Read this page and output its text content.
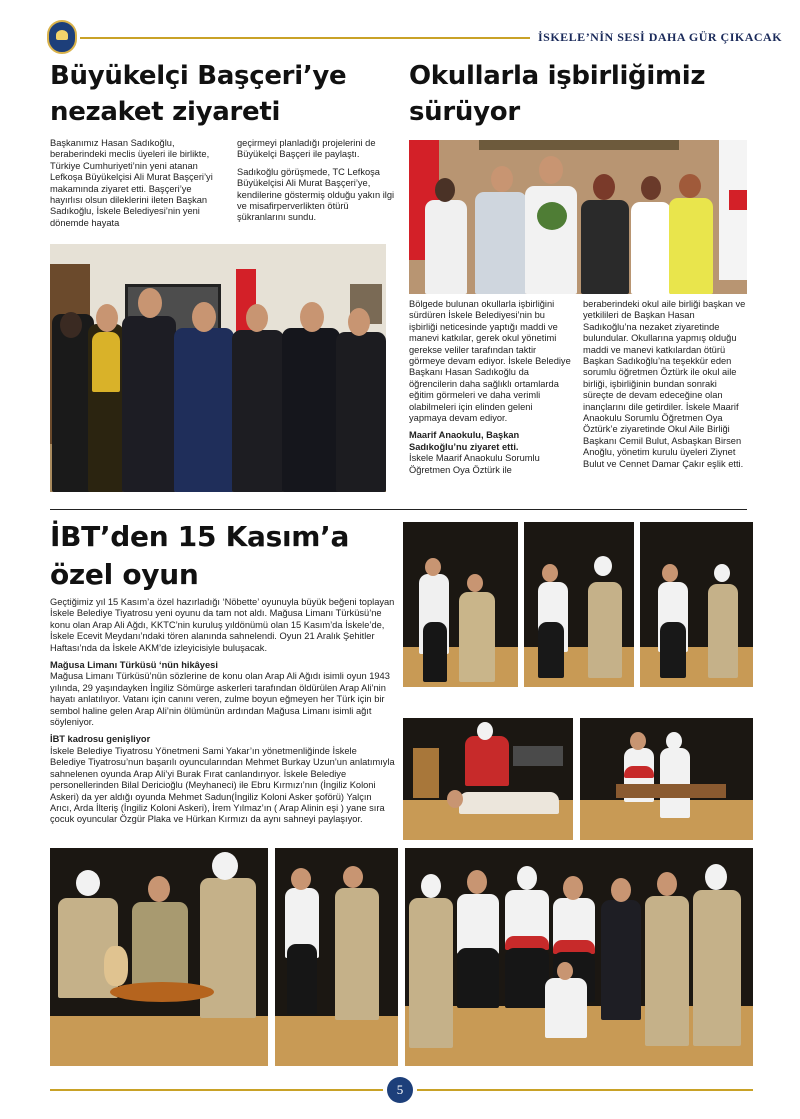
İSKELE’NİN SESİ DAHA GÜR ÇIKACAK
Büyükelçi Başçeri’ye
nezaket ziyareti

Başkanımız Hasan Sadıkoğlu, beraberindeki meclis üyeleri ile birlikte, Türkiye Cumhuriyeti’nin yeni atanan Lefkoşa Büyükelçisi Ali Murat Başçeri’yi makamında ziyaret etti. Başçeri’ye hayırlısı olsun dileklerini ileten Başkan Sadıkoğlu, İskele Belediyesi’nin yeni dönemde hayata

geçirmeyi planladığı projelerini de Büyükelçi Başçeri ile paylaştı.

Sadıkoğlu görüşmede, TC Lefkoşa Büyükelçisi Ali Murat Başçeri’ye, kendilerine göstermiş olduğu yakın ilgi ve misafirperverlikten ötürü şükranlarını sundu.

Okullarla işbirliğimiz
sürüyor

Bölgede bulunan okullarla işbirliğini sürdüren İskele Belediyesi’nin bu işbirliği neticesinde yaptığı maddi ve manevi katkılar, gerek okul yönetimi gerekse veliler tarafından taktir görmeye devam ediyor. İskele Belediye Başkanı Hasan Sadıkoğlu da öğrencilerin daha sağlıklı ortamlarda eğitim görmeleri ve daha verimli olabilmeleri için elinden geleni yapmaya devam ediyor.

Maarif Anaokulu, Başkan Sadıkoğlu’nu ziyaret etti.
İskele Maarif Anaokulu Sorumlu Öğretmen Oya Öztürk ile

beraberindeki okul aile birliği başkan ve yetkilileri de Başkan Hasan Sadıkoğlu’na nezaket ziyaretinde bulundular. Okullarına yapmış olduğu maddi ve manevi katkılardan ötürü Başkan Sadıkoğlu’na teşekkür eden sorumlu öğretmen Öztürk ile okul aile birliği, işbirliğinin bundan sonraki süreçte de devam edeceğine olan inançlarını dile getirdiler. İskele Maarif Anaokulu Sorumlu Öğretmen Oya Öztürk’e ziyaretinde Okul Aile Birliği Başkanı Cemil Bulut, Asbaşkan Birsen Anoğlu, yönetim kurulu üyeleri Ziynet Bulut ve Cennet Damar Çakır eşlik etti.

İBT’den 15 Kasım’a
özel oyun

Geçtiğimiz yıl 15 Kasım’a özel hazırladığı ‘Nöbette’ oyunuyla büyük beğeni toplayan İskele Belediye Tiyatrosu yeni oyunu da tam not aldı. Mağusa Limanı Türküsü’ne konu olan Arap Ali Ağdı, KKTC’nin kuruluş yıldönümü olan 15 Kasım’da İskele’de, İskele Ecevit Meydanı’ndaki tören alanında sahnelendi. Oyun 21 Aralık Şehitler Haftası’nda da İskele AKM’de izleyicisiyle buluşacak.

Mağusa Limanı Türküsü ‘nün hikâyesi

Mağusa Limanı Türküsü’nün sözlerine de konu olan Arap Ali Ağıdı isimli oyun 1943 yılında, 29 yaşındayken İngiliz Sömürge askerleri tarafından öldürülen Arap Ali’nin hayatı anlatılıyor. Vatanı için canını veren, zulme boyun eğmeyen her Türk için bir sembol haline gelen Arap Ali’nin ölümünün ardından Mağusa Limanı isimli ağıt söyleniyor.

İBT kadrosu genişliyor

İskele Belediye Tiyatrosu Yönetmeni Sami Yakar’ın yönetmenliğinde İskele Belediye Tiyatrosu’nun başarılı oyuncularından Mehmet Burkay Uzun’un anlatımıyla sahnelenen oyunda Arap Ali’yi Burak Fırat canlandırıyor. İskele Belediye personellerinden Bilal Dericioğlu (Meyhaneci) ile Ebru Kırmızı’nın (İngiliz Koloni Askeri) da yer aldığı oyunda Mehmet Sadun(İngiliz Koloni Asker şoförü) Yalçın Arıcı, Arda İlteriş (İngiliz Koloni Askeri), İrem Yılmaz’ın ( Arap Alinin eşi ) yane sıra çocuk oyuncular Özgür Plaka ve Hürkan Kırmızı da aynı sahneyi paylaşıyor.

5
